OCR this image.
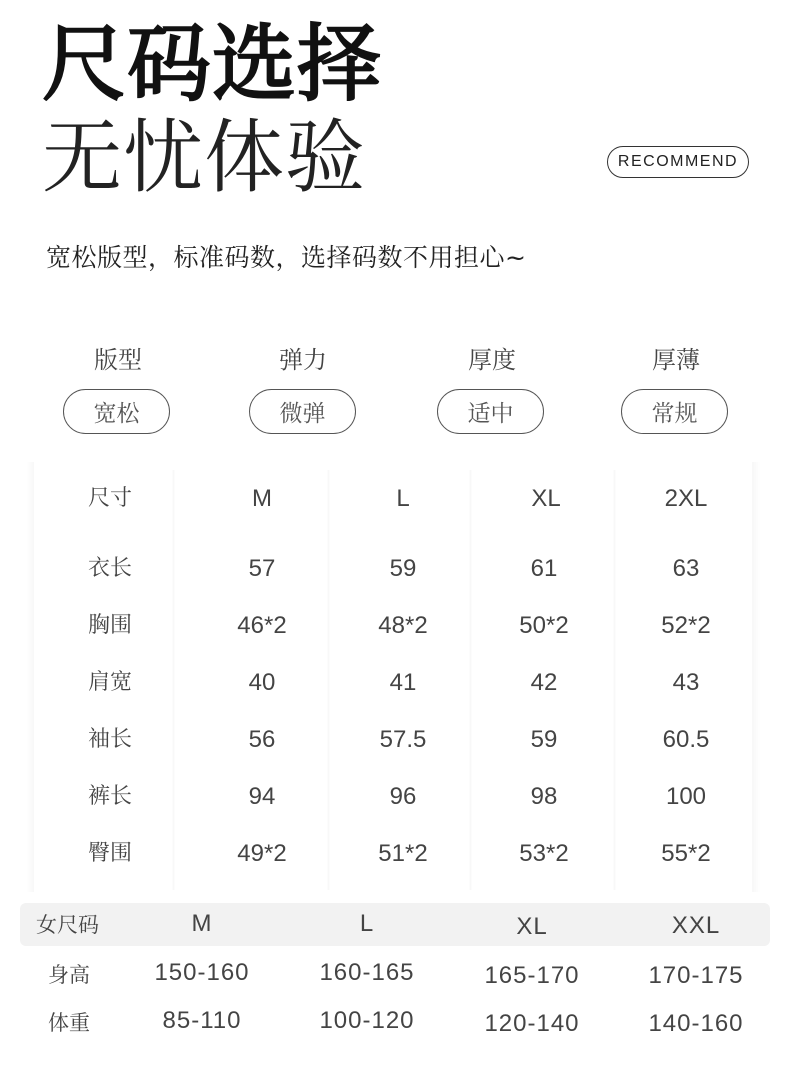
尺码选择
无忧体验	RECOMMEND
宽松版型，标准码数，选择码数不用担心~
版型	弹力	厚度	厚薄
宽松	微弹	适中	常规
尺寸	M	L	XL	2XL
衣长	57	59	61	63
胸围	46*2	48*2	50*2	52*2
肩宽	40	41	42	43
袖长	56	57.5	59	60.5
裤长	94	96	98	100
臀围	49*2	51*2	53*2	55*2
女尺码	M	L	XL	XXL
身高	150-160	160-165	165-170	170-175
体重	85-110	100-120	120-140	140-160
